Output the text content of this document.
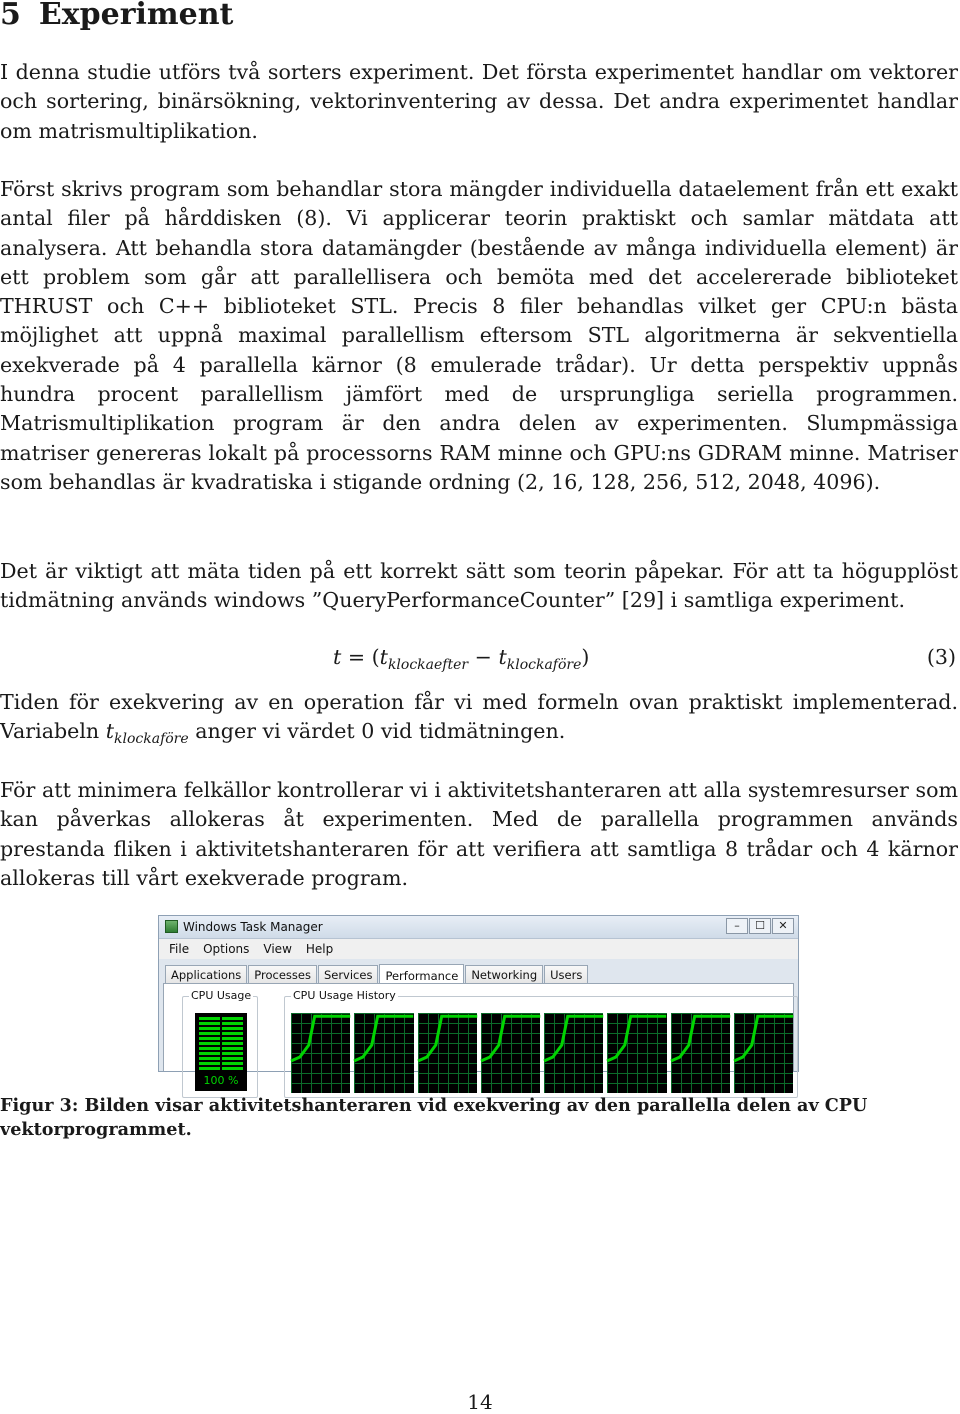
5 Experiment

I denna studie utförs två sorters experiment. Det första experimentet handlar om vektorer och sortering, binärsökning, vektorinventering av dessa. Det andra experimentet handlar om matrismultiplikation.

Först skrivs program som behandlar stora mängder individuella dataelement från ett exakt antal filer på hårddisken (8). Vi applicerar teorin praktiskt och samlar mätdata att analysera. Att behandla stora datamängder (bestående av många individuella element) är ett problem som går att parallellisera och bemöta med det accelererade biblioteket THRUST och C++ biblioteket STL. Precis 8 filer behandlas vilket ger CPU:n bästa möjlighet att uppnå maximal parallellism eftersom STL algoritmerna är sekventiella exekverade på 4 parallella kärnor (8 emulerade trådar). Ur detta perspektiv uppnås hundra procent parallellism jämfört med de ursprungliga seriella programmen. Matrismultiplikation program är den andra delen av experimenten. Slumpmässiga matriser genereras lokalt på processorns RAM minne och GPU:ns GDRAM minne. Matriser som behandlas är kvadratiska i stigande ordning (2, 16, 128, 256, 512, 2048, 4096).

Det är viktigt att mäta tiden på ett korrekt sätt som teorin påpekar. För att ta högupplöst tidmätning används windows ”QueryPerformanceCounter” [29] i samtliga experiment.

$t = (t_{klockaefter} - t_{klockaföre})$	(3)

Tiden för exekvering av en operation får vi med formeln ovan praktiskt implementerad. Variabeln $t_{klockaföre}$ anger vi värdet 0 vid tidmätningen.

För att minimera felkällor kontrollerar vi i aktivitetshanteraren att alla systemresurser som kan påverkas allokeras åt experimenten. Med de parallella programmen används prestanda fliken i aktivitetshanteraren för att verifiera att samtliga 8 trådar och 4 kärnor allokeras till vårt exekverade program.

Windows Task Manager	–	☐	✕
File Options View Help
Applications	Processes	Services	Performance	Networking	Users
CPU Usage
100 %
CPU Usage History

Figur 3: Bilden visar aktivitetshanteraren vid exekvering av den parallella delen av CPU vektorprogrammet.

14
